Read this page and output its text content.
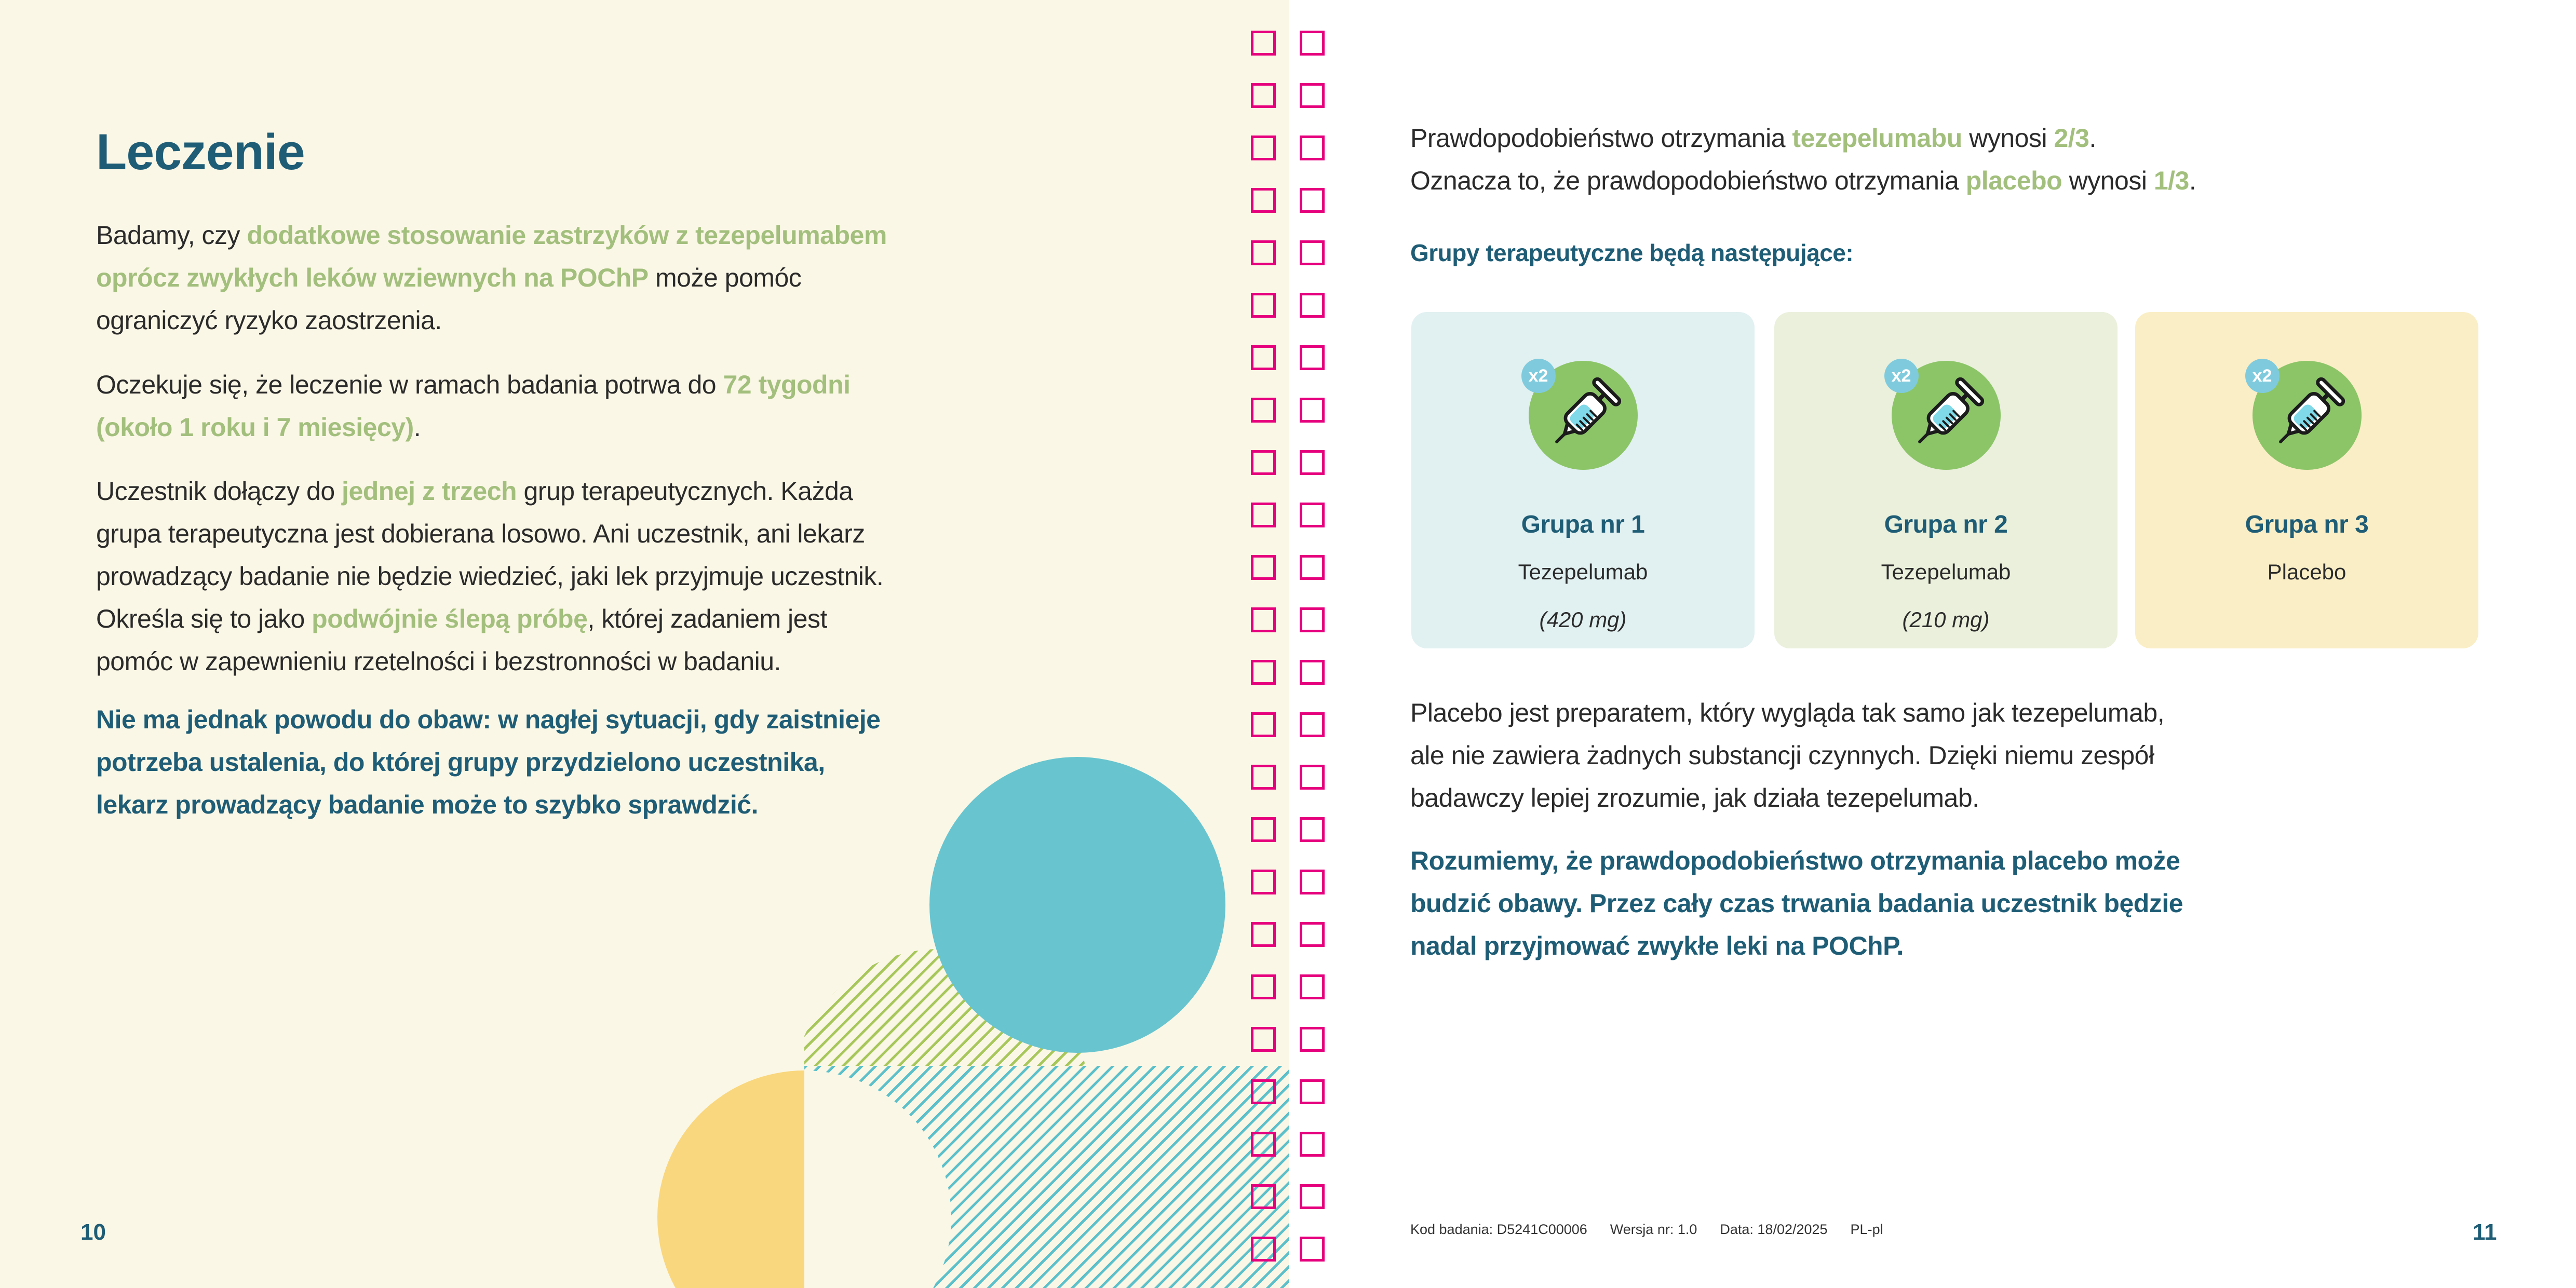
Leczenie
Badamy, czy dodatkowe stosowanie zastrzyków z tezepelumabem
oprócz zwykłych leków wziewnych na POChP może pomóc
ograniczyć ryzyko zaostrzenia.
Oczekuje się, że leczenie w ramach badania potrwa do 72 tygodni
(około 1 roku i 7 miesięcy).
Uczestnik dołączy do jednej z trzech grup terapeutycznych. Każda
grupa terapeutyczna jest dobierana losowo. Ani uczestnik, ani lekarz
prowadzący badanie nie będzie wiedzieć, jaki lek przyjmuje uczestnik.
Określa się to jako podwójnie ślepą próbę, której zadaniem jest
pomóc w zapewnieniu rzetelności i bezstronności w badaniu.
Nie ma jednak powodu do obaw: w nagłej sytuacji, gdy zaistnieje
potrzeba ustalenia, do której grupy przydzielono uczestnika,
lekarz prowadzący badanie może to szybko sprawdzić.
10
Prawdopodobieństwo otrzymania tezepelumabu wynosi 2/3.
Oznacza to, że prawdopodobieństwo otrzymania placebo wynosi 1/3.
Grupy terapeutyczne będą następujące:
x2
Grupa nr 1
Tezepelumab
(420 mg)
x2
Grupa nr 2
Tezepelumab
(210 mg)
x2
Grupa nr 3
Placebo
Placebo jest preparatem, który wygląda tak samo jak tezepelumab,
ale nie zawiera żadnych substancji czynnych. Dzięki niemu zespół
badawczy lepiej zrozumie, jak działa tezepelumab.
Rozumiemy, że prawdopodobieństwo otrzymania placebo może
budzić obawy. Przez cały czas trwania badania uczestnik będzie
nadal przyjmować zwykłe leki na POChP.
Kod badania: D5241C00006 Wersja nr: 1.0 Data: 18/02/2025 PL-pl	11
